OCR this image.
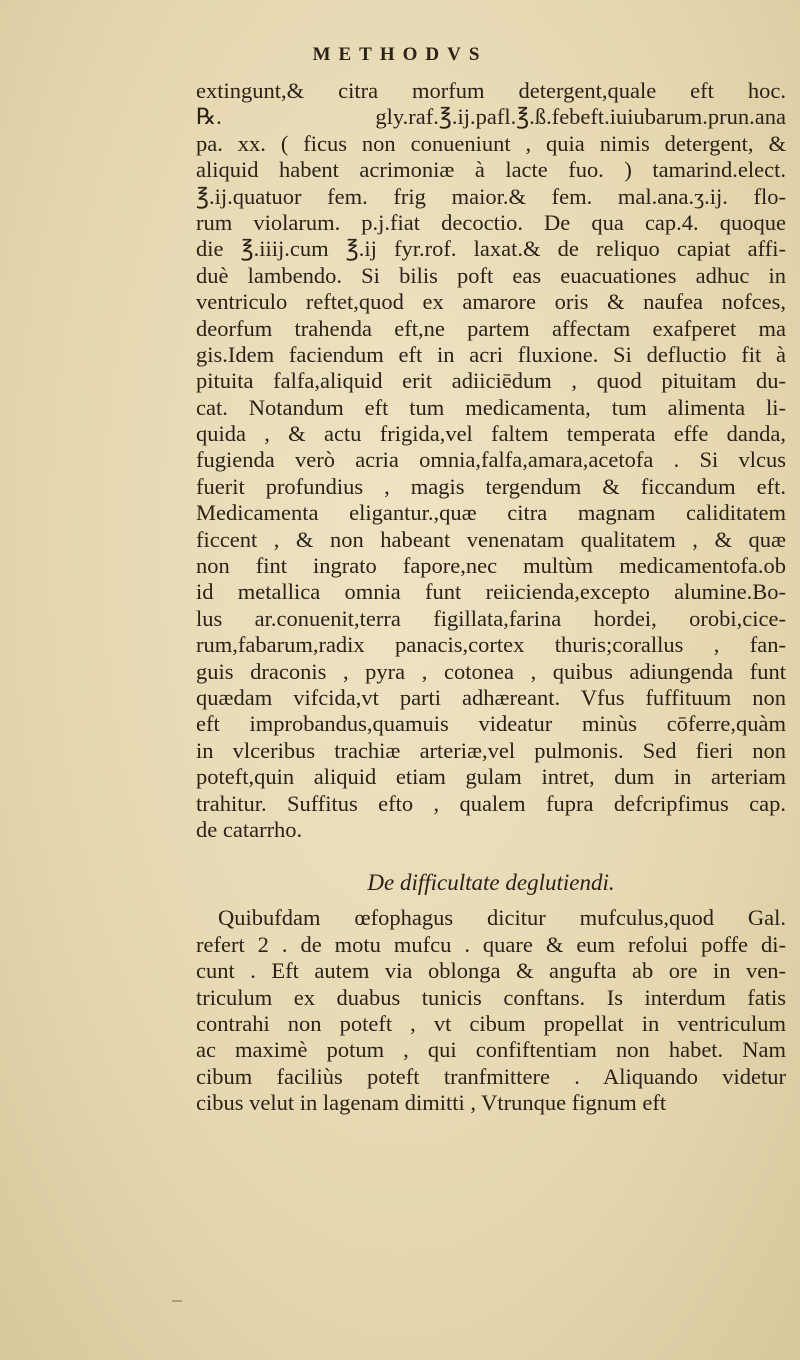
METHODVS
extingunt,& citra morfum detergent,quale eft hoc.
℞. gly.raf.℥.ij.pafl.℥.ß.febeft.iuiubarum.prun.ana
pa. xx. ( ficus non conueniunt , quia nimis detergent, &
aliquid habent acrimoniæ à lacte fuo. ) tamarind.elect.
℥.ij.quatuor fem. frig maior.& fem. mal.ana.ʒ.ij. flo-
rum violarum. p.j.fiat decoctio. De qua cap.4. quoque
die ℥.iiij.cum ℥.ij fyr.rof. laxat.& de reliquo capiat affi-
duè lambendo. Si bilis poft eas euacuationes adhuc in
ventriculo reftet,quod ex amarore oris & naufea nofces,
deorfum trahenda eft,ne partem affectam exafperet ma
gis.Idem faciendum eft in acri fluxione. Si defluctio fit à
pituita falfa,aliquid erit adiiciēdum , quod pituitam du-
cat. Notandum eft tum medicamenta, tum alimenta li-
quida , & actu frigida,vel faltem temperata effe danda,
fugienda verò acria omnia,falfa,amara,acetofa . Si vlcus
fuerit profundius , magis tergendum & ficcandum eft.
Medicamenta eligantur.,quæ citra magnam caliditatem
ficcent , & non habeant venenatam qualitatem , & quæ
non fint ingrato fapore,nec multùm medicamentofa.ob
id metallica omnia funt reiicienda,excepto alumine.Bo-
lus ar.conuenit,terra figillata,farina hordei, orobi,cice-
rum,fabarum,radix panacis,cortex thuris;corallus , fan-
guis draconis , pyra , cotonea , quibus adiungenda funt
quædam vifcida,vt parti adhæreant. Vfus fuffituum non
eft improbandus,quamuis videatur minùs cōferre,quàm
in vlceribus trachiæ arteriæ,vel pulmonis. Sed fieri non
poteft,quin aliquid etiam gulam intret, dum in arteriam
trahitur. Suffitus efto , qualem fupra defcripfimus cap.
de catarrho.
De difficultate deglutiendi.
Quibufdam œfophagus dicitur mufculus,quod Gal.
refert 2 . de motu mufcu . quare & eum refolui poffe di-
cunt . Eft autem via oblonga & angufta ab ore in ven-
triculum ex duabus tunicis conftans. Is interdum fatis
contrahi non poteft , vt cibum propellat in ventriculum
ac maximè potum , qui confiftentiam non habet. Nam
cibum faciliùs poteft tranfmittere . Aliquando videtur
cibus velut in lagenam dimitti , Vtrunque fignum eft
